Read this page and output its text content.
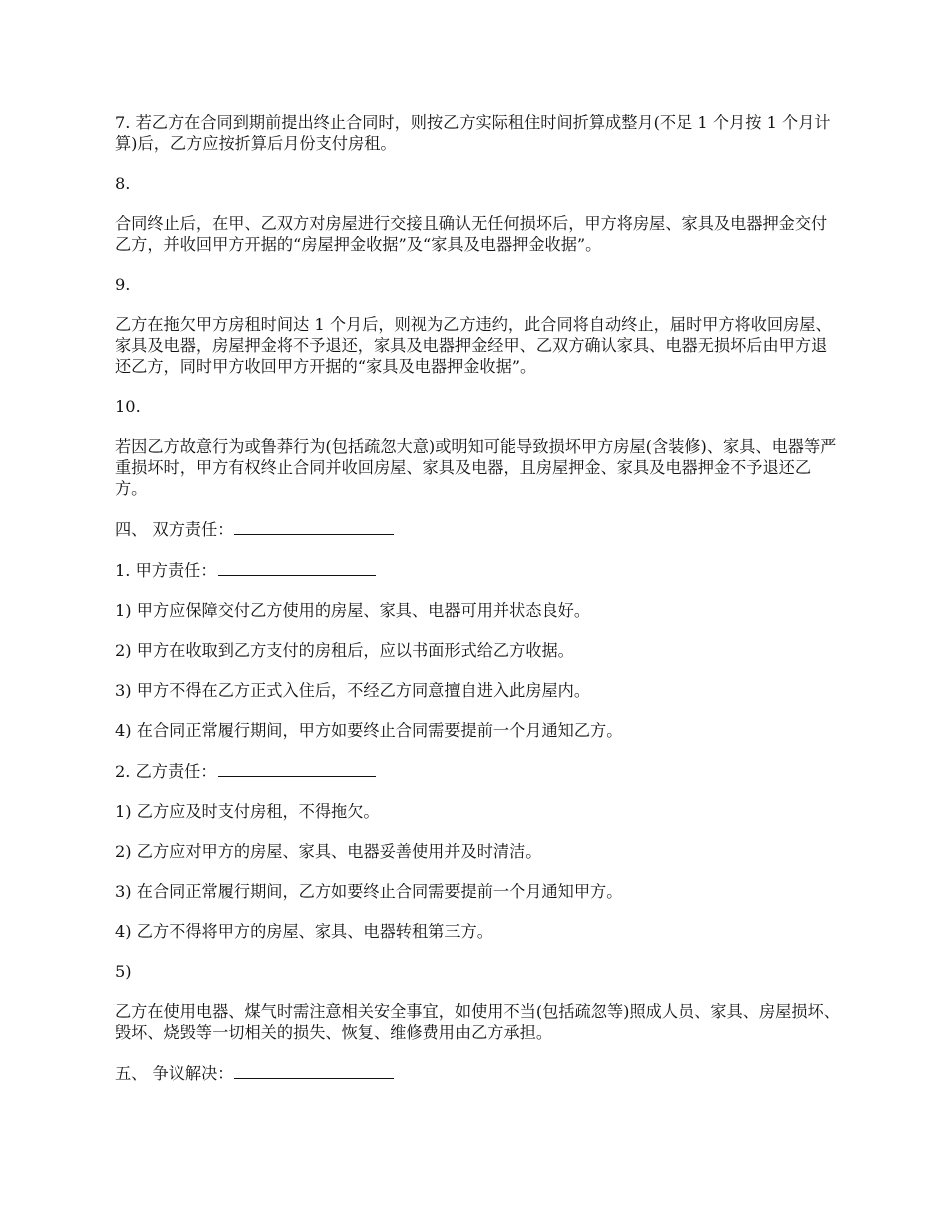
7. 若乙方在合同到期前提出终止合同时，则按乙方实际租住时间折算成整月(不足 1 个月按 1 个月计算)后，乙方应按折算后月份支付房租。

8.

合同终止后，在甲、乙双方对房屋进行交接且确认无任何损坏后，甲方将房屋、家具及电器押金交付乙方，并收回甲方开据的“房屋押金收据”及“家具及电器押金收据”。

9.

乙方在拖欠甲方房租时间达 1 个月后，则视为乙方违约，此合同将自动终止，届时甲方将收回房屋、家具及电器，房屋押金将不予退还，家具及电器押金经甲、乙双方确认家具、电器无损坏后由甲方退还乙方，同时甲方收回甲方开据的“家具及电器押金收据”。

10.

若因乙方故意行为或鲁莽行为(包括疏忽大意)或明知可能导致损坏甲方房屋(含装修)、家具、电器等严重损坏时，甲方有权终止合同并收回房屋、家具及电器，且房屋押金、家具及电器押金不予退还乙方。

四、 双方责任：

1. 甲方责任：

1) 甲方应保障交付乙方使用的房屋、家具、电器可用并状态良好。

2) 甲方在收取到乙方支付的房租后，应以书面形式给乙方收据。

3) 甲方不得在乙方正式入住后，不经乙方同意擅自进入此房屋内。

4) 在合同正常履行期间，甲方如要终止合同需要提前一个月通知乙方。

2. 乙方责任：

1) 乙方应及时支付房租，不得拖欠。

2) 乙方应对甲方的房屋、家具、电器妥善使用并及时清洁。

3) 在合同正常履行期间，乙方如要终止合同需要提前一个月通知甲方。

4) 乙方不得将甲方的房屋、家具、电器转租第三方。

5)

乙方在使用电器、煤气时需注意相关安全事宜，如使用不当(包括疏忽等)照成人员、家具、房屋损坏、毁坏、烧毁等一切相关的损失、恢复、维修费用由乙方承担。

五、 争议解决：
